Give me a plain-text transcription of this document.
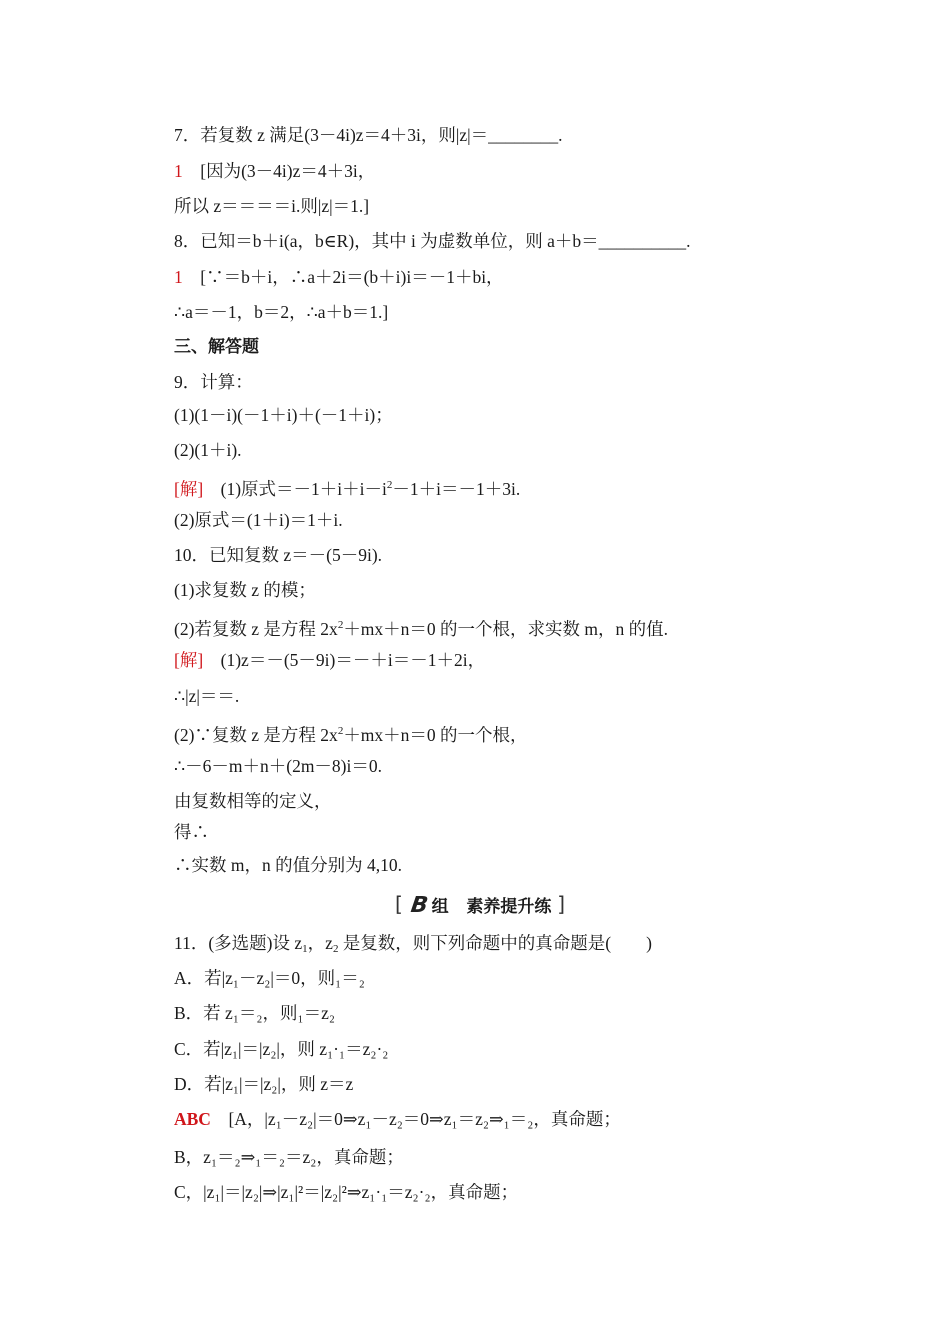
7．若复数 z 满足(3－4i)z＝4＋3i，则|z|＝________.
1　[因为(3－4i)z＝4＋3i，
所以 z＝＝＝＝i.则|z|＝1.]
8．已知＝b＋i(a，b∈R)，其中 i 为虚数单位，则 a＋b＝__________.
1　[∵＝b＋i，∴a＋2i＝(b＋i)i＝－1＋bi，
∴a＝－1，b＝2，∴a＋b＝1.]
三、解答题
9．计算：
(1)(1－i)(－1＋i)＋(－1＋i)；
(2)(1＋i).
[解]　(1)原式$=-1+i+i-i^2-1+i=-1+3i$.
(2)原式＝(1＋i)＝1＋i.
10．已知复数 z＝－(5－9i).
(1)求复数 z 的模；
(2)若复数 z 是方程 $2x^2+mx+n=0$ 的一个根，求实数 m，n 的值.
[解]　(1)z＝－(5－9i)＝－＋i＝－1＋2i，
∴|z|＝＝.
(2)∵复数 z 是方程 $2x^2+mx+n=0$ 的一个根，
∴－6－m＋n＋(2m－8)i＝0.
由复数相等的定义，
得∴
∴实数 m，n 的值分别为 4,10.
[ B 组 素养提升练 ]
11．(多选题)设 $z_1$，$z_2$ 是复数，则下列命题中的真命题是(　　)
A．若|z₁－z₂|＝0，则₁＝₂
B．若 z₁＝₂，则₁＝z₂
C．若|z₁|＝|z₂|，则 z₁·₁＝z₂·₂
D．若|z₁|＝|z₂|，则 z＝z
ABC　[A，|z₁－z₂|＝0⇒z₁－z₂＝0⇒z₁＝z₂⇒₁＝₂，真命题；
B，z₁＝₂⇒₁＝₂＝z₂，真命题；
C，|z₁|＝|z₂|⇒|z₁|²＝|z₂|²⇒z₁·₁＝z₂·₂，真命题；
